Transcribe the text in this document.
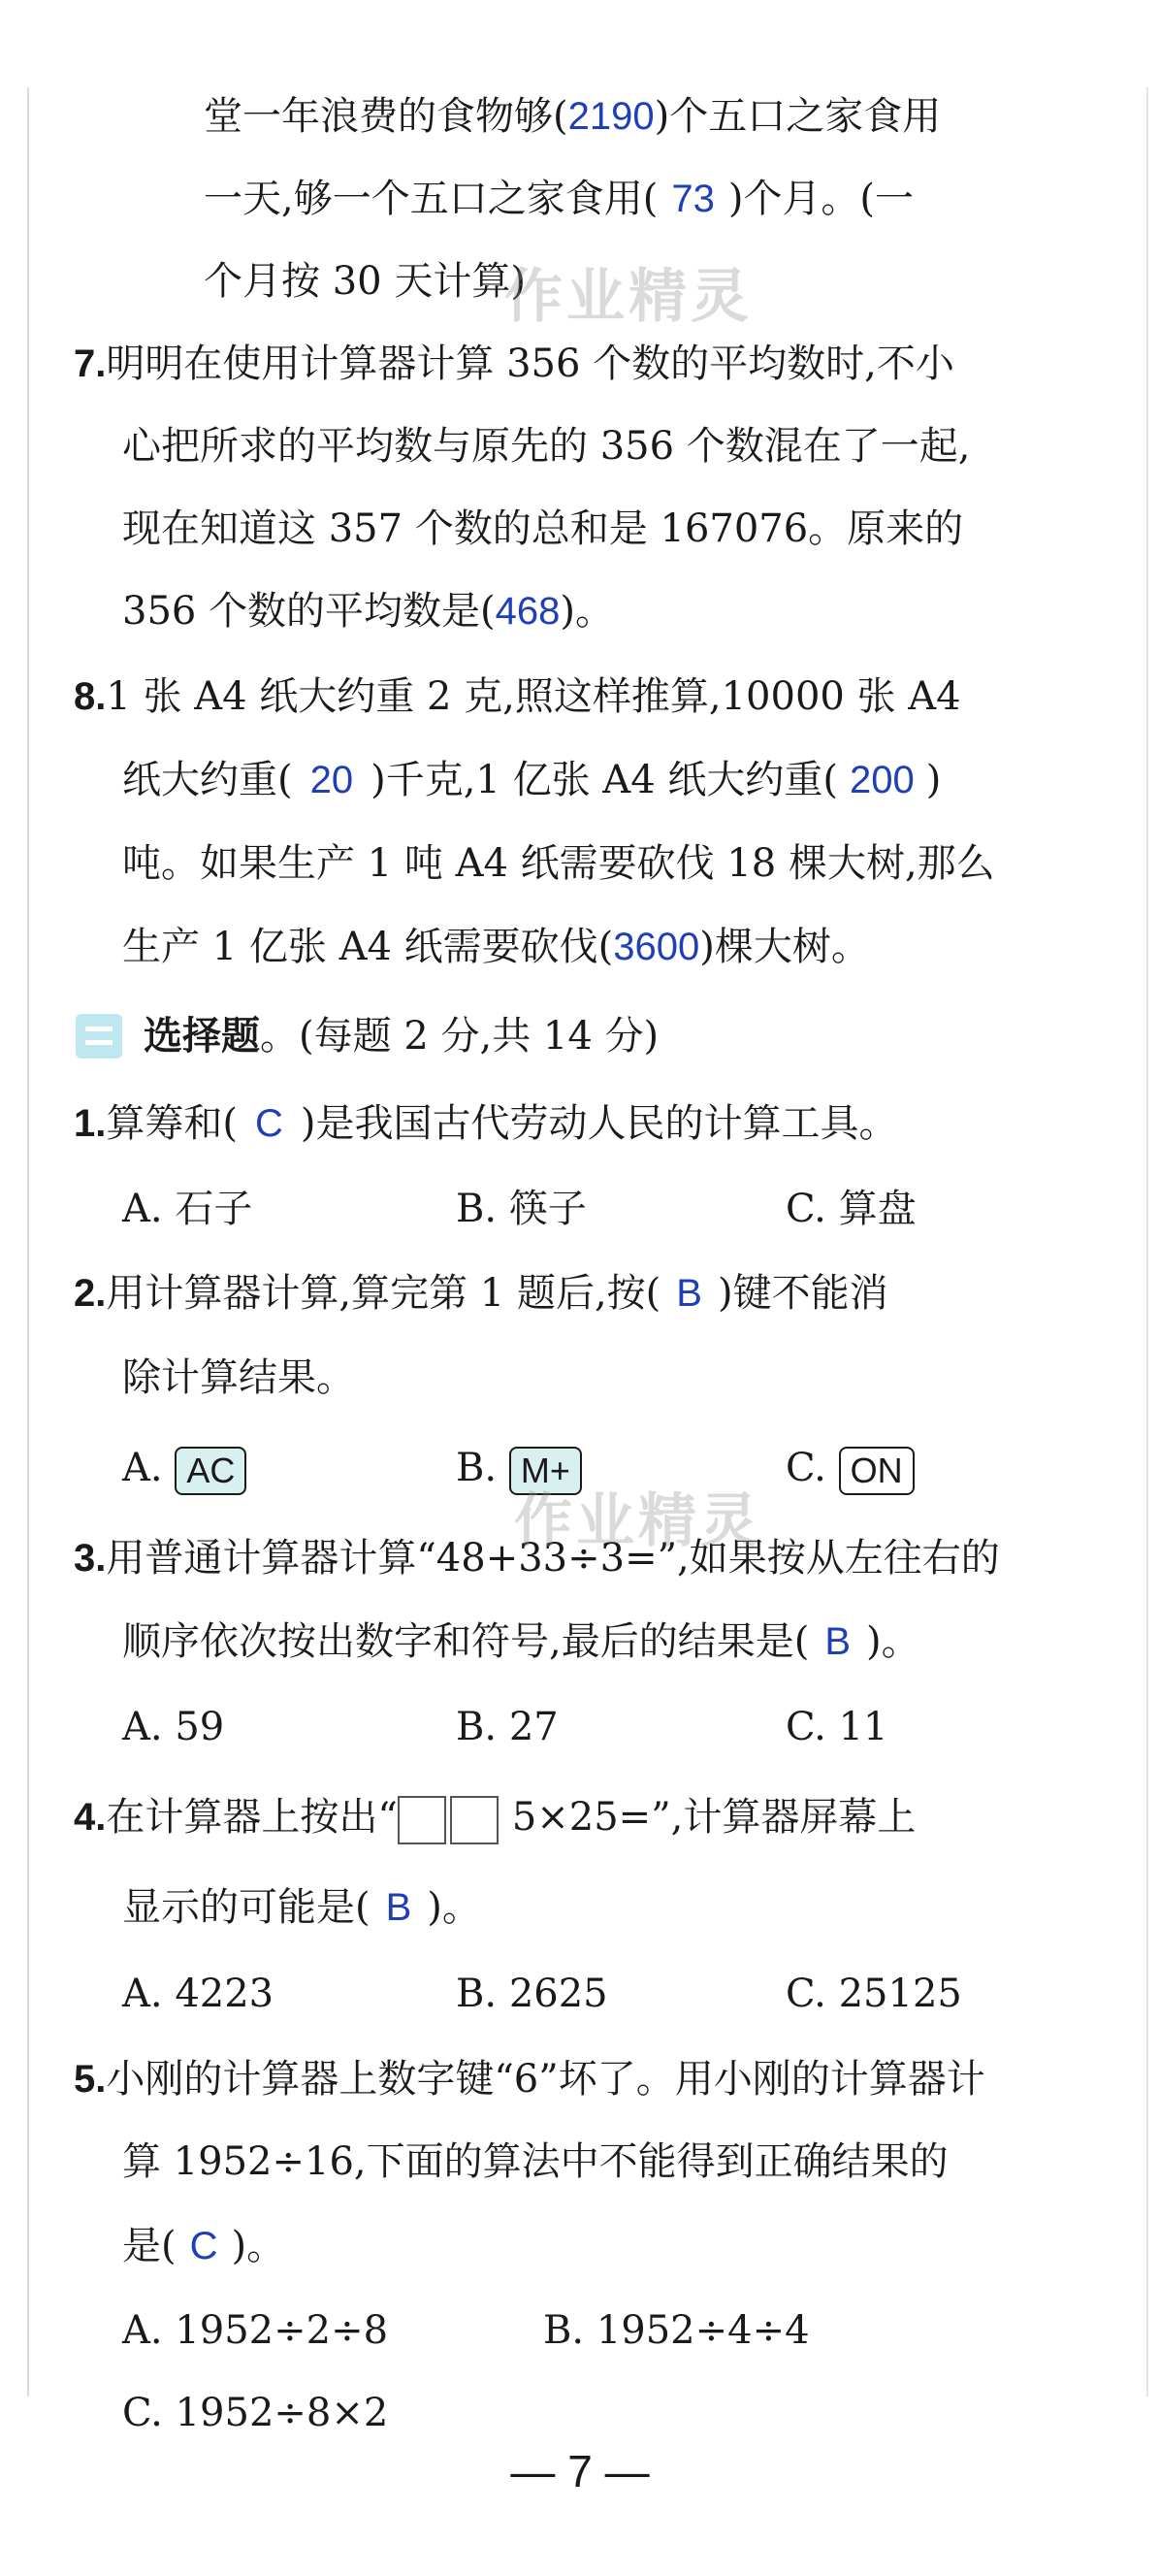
堂一年浪费的食物够(2190)个五口之家食用
一天,够一个五口之家食用( 73 )个月。(一
个月按 30 天计算)
7.明明在使用计算器计算 356 个数的平均数时,不小
心把所求的平均数与原先的 356 个数混在了一起,
现在知道这 357 个数的总和是 167076。原来的
356 个数的平均数是(468)。
8.1 张 A4 纸大约重 2 克,照这样推算,10000 张 A4
纸大约重( 20 )千克,1 亿张 A4 纸大约重( 200 )
吨。如果生产 1 吨 A4 纸需要砍伐 18 棵大树,那么
生产 1 亿张 A4 纸需要砍伐(3600)棵大树。
选择题。(每题 2 分,共 14 分)
1.算筹和( C )是我国古代劳动人民的计算工具。
A. 石子	B. 筷子	C. 算盘
2.用计算器计算,算完第 1 题后,按( B )键不能消
除计算结果。
A. AC	B. M+	C. ON
3.用普通计算器计算“48+33÷3=”,如果按从左往右的
顺序依次按出数字和符号,最后的结果是( B )。
A. 59	B. 27	C. 11
4.在计算器上按出“	5×25=”,计算器屏幕上
显示的可能是( B )。
A. 4223	B. 2625	C. 25125
5.小刚的计算器上数字键“6”坏了。用小刚的计算器计
算 1952÷16,下面的算法中不能得到正确结果的
是( C )。
A. 1952÷2÷8	B. 1952÷4÷4
C. 1952÷8×2
作业精灵
作业精灵
— 7 —
